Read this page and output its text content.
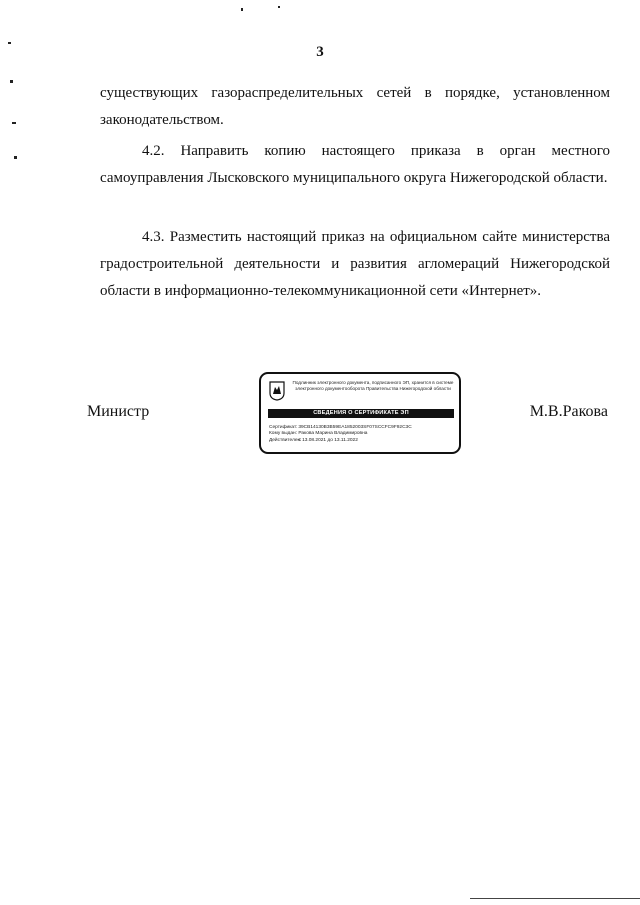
3

существующих газораспределительных сетей в порядке, установленном законодательством.

4.2. Направить копию настоящего приказа в орган местного самоуправления Лысковского муниципального округа Нижегородской области.

4.3. Разместить настоящий приказ на официальном сайте министерства градостроительной деятельности и развития агломераций Нижегородской области в информационно-телекоммуникационной сети «Интернет».

Министр	М.В.Ракова
Подлинник электронного документа, подписанного ЭП, хранится в системе электронного документооборота Правительства Нижегородской области
СВЕДЕНИЯ О СЕРТИФИКАТЕ ЭП
Сертификат: 39CB14130B3B59EA1852003SF07SCCFC9F92C3C
Кому выдан: Ракова Марина Владимировна
Действителен: с 13.08.2021 до 13.11.2022
